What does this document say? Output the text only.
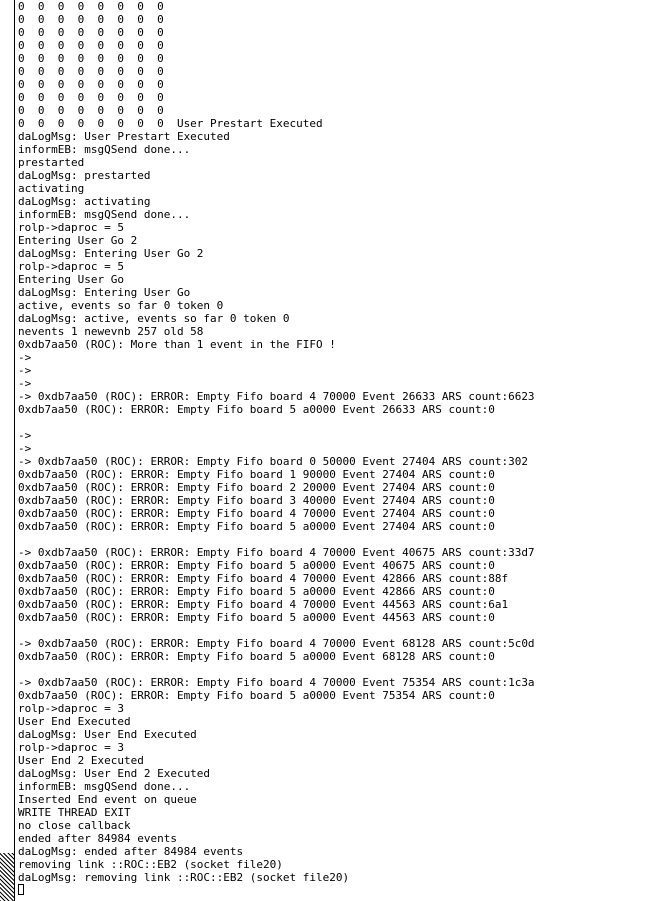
0  0  0  0  0  0  0  0
0  0  0  0  0  0  0  0
0  0  0  0  0  0  0  0
0  0  0  0  0  0  0  0
0  0  0  0  0  0  0  0
0  0  0  0  0  0  0  0
0  0  0  0  0  0  0  0
0  0  0  0  0  0  0  0
0  0  0  0  0  0  0  0
0  0  0  0  0  0  0  0  User Prestart Executed
daLogMsg: User Prestart Executed
informEB: msgQSend done...
prestarted
daLogMsg: prestarted
activating
daLogMsg: activating
informEB: msgQSend done...
rolp->daproc = 5
Entering User Go 2
daLogMsg: Entering User Go 2
rolp->daproc = 5
Entering User Go
daLogMsg: Entering User Go
active, events so far 0 token 0
daLogMsg: active, events so far 0 token 0
nevents 1 newevnb 257 old 58
0xdb7aa50 (ROC): More than 1 event in the FIFO !
->
->
->
-> 0xdb7aa50 (ROC): ERROR: Empty Fifo board 4 70000 Event 26633 ARS count:6623
0xdb7aa50 (ROC): ERROR: Empty Fifo board 5 a0000 Event 26633 ARS count:0
->
->
-> 0xdb7aa50 (ROC): ERROR: Empty Fifo board 0 50000 Event 27404 ARS count:302
0xdb7aa50 (ROC): ERROR: Empty Fifo board 1 90000 Event 27404 ARS count:0
0xdb7aa50 (ROC): ERROR: Empty Fifo board 2 20000 Event 27404 ARS count:0
0xdb7aa50 (ROC): ERROR: Empty Fifo board 3 40000 Event 27404 ARS count:0
0xdb7aa50 (ROC): ERROR: Empty Fifo board 4 70000 Event 27404 ARS count:0
0xdb7aa50 (ROC): ERROR: Empty Fifo board 5 a0000 Event 27404 ARS count:0
-> 0xdb7aa50 (ROC): ERROR: Empty Fifo board 4 70000 Event 40675 ARS count:33d7
0xdb7aa50 (ROC): ERROR: Empty Fifo board 5 a0000 Event 40675 ARS count:0
0xdb7aa50 (ROC): ERROR: Empty Fifo board 4 70000 Event 42866 ARS count:88f
0xdb7aa50 (ROC): ERROR: Empty Fifo board 5 a0000 Event 42866 ARS count:0
0xdb7aa50 (ROC): ERROR: Empty Fifo board 4 70000 Event 44563 ARS count:6a1
0xdb7aa50 (ROC): ERROR: Empty Fifo board 5 a0000 Event 44563 ARS count:0
-> 0xdb7aa50 (ROC): ERROR: Empty Fifo board 4 70000 Event 68128 ARS count:5c0d
0xdb7aa50 (ROC): ERROR: Empty Fifo board 5 a0000 Event 68128 ARS count:0
-> 0xdb7aa50 (ROC): ERROR: Empty Fifo board 4 70000 Event 75354 ARS count:1c3a
0xdb7aa50 (ROC): ERROR: Empty Fifo board 5 a0000 Event 75354 ARS count:0
rolp->daproc = 3
User End Executed
daLogMsg: User End Executed
rolp->daproc = 3
User End 2 Executed
daLogMsg: User End 2 Executed
informEB: msgQSend done...
Inserted End event on queue
WRITE THREAD EXIT
no close callback
ended after 84984 events
daLogMsg: ended after 84984 events
removing link ::ROC::EB2 (socket file20)
daLogMsg: removing link ::ROC::EB2 (socket file20)
